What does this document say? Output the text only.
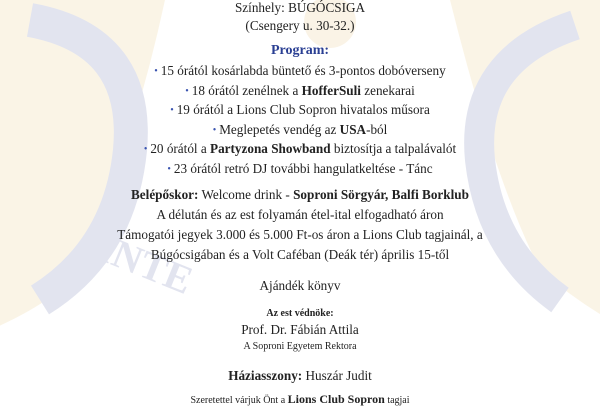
INTE
Színhely: BÚGÓCSIGA
(Csengery u. 30-32.)
Program:
• 15 órától kosárlabda büntető és 3-pontos dobóverseny
• 18 órától zenélnek a HofferSuli zenekarai
• 19 órától a Lions Club Sopron hivatalos műsora
• Meglepetés vendég az USA-ból
• 20 órától a Partyzona Showband biztosítja a talpalávalót
• 23 órától retró DJ további hangulatkeltése - Tánc
Belépőskor: Welcome drink - Soproni Sörgyár, Balfi Borklub
A délután és az est folyamán étel-ital elfogadható áron
Támogatói jegyek 3.000 és 5.000 Ft-os áron a Lions Club tagjainál, a
Búgócsigában és a Volt Caféban (Deák tér) április 15-től
Ajándék könyv
Az est védnöke:
Prof. Dr. Fábián Attila
A Soproni Egyetem Rektora
Háziasszony: Huszár Judit
Szeretettel várjuk Önt a Lions Club Sopron tagjai
